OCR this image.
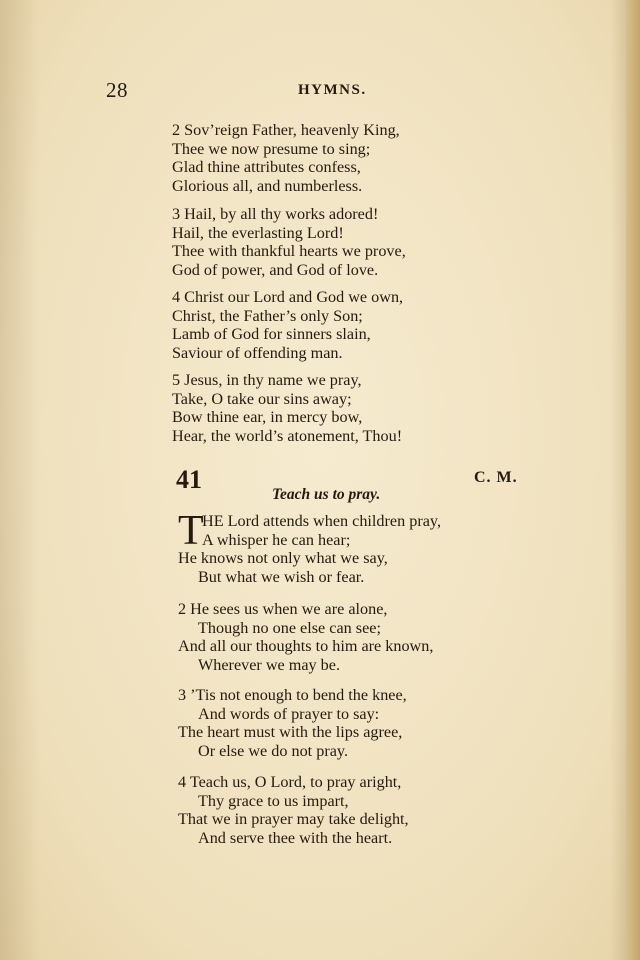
28	HYMNS.
2 Sov’reign Father, heavenly King,
Thee we now presume to sing;
Glad thine attributes confess,
Glorious all, and numberless.
3 Hail, by all thy works adored!
Hail, the everlasting Lord!
Thee with thankful hearts we prove,
God of power, and God of love.
4 Christ our Lord and God we own,
Christ, the Father’s only Son;
Lamb of God for sinners slain,
Saviour of offending man.
5 Jesus, in thy name we pray,
Take, O take our sins away;
Bow thine ear, in mercy bow,
Hear, the world’s atonement, Thou!
41	C. M.
Teach us to pray.
T
HE Lord attends when children pray,
A whisper he can hear;
He knows not only what we say,
But what we wish or fear.
2 He sees us when we are alone,
Though no one else can see;
And all our thoughts to him are known,
Wherever we may be.
3 ’Tis not enough to bend the knee,
And words of prayer to say:
The heart must with the lips agree,
Or else we do not pray.
4 Teach us, O Lord, to pray aright,
Thy grace to us impart,
That we in prayer may take delight,
And serve thee with the heart.
